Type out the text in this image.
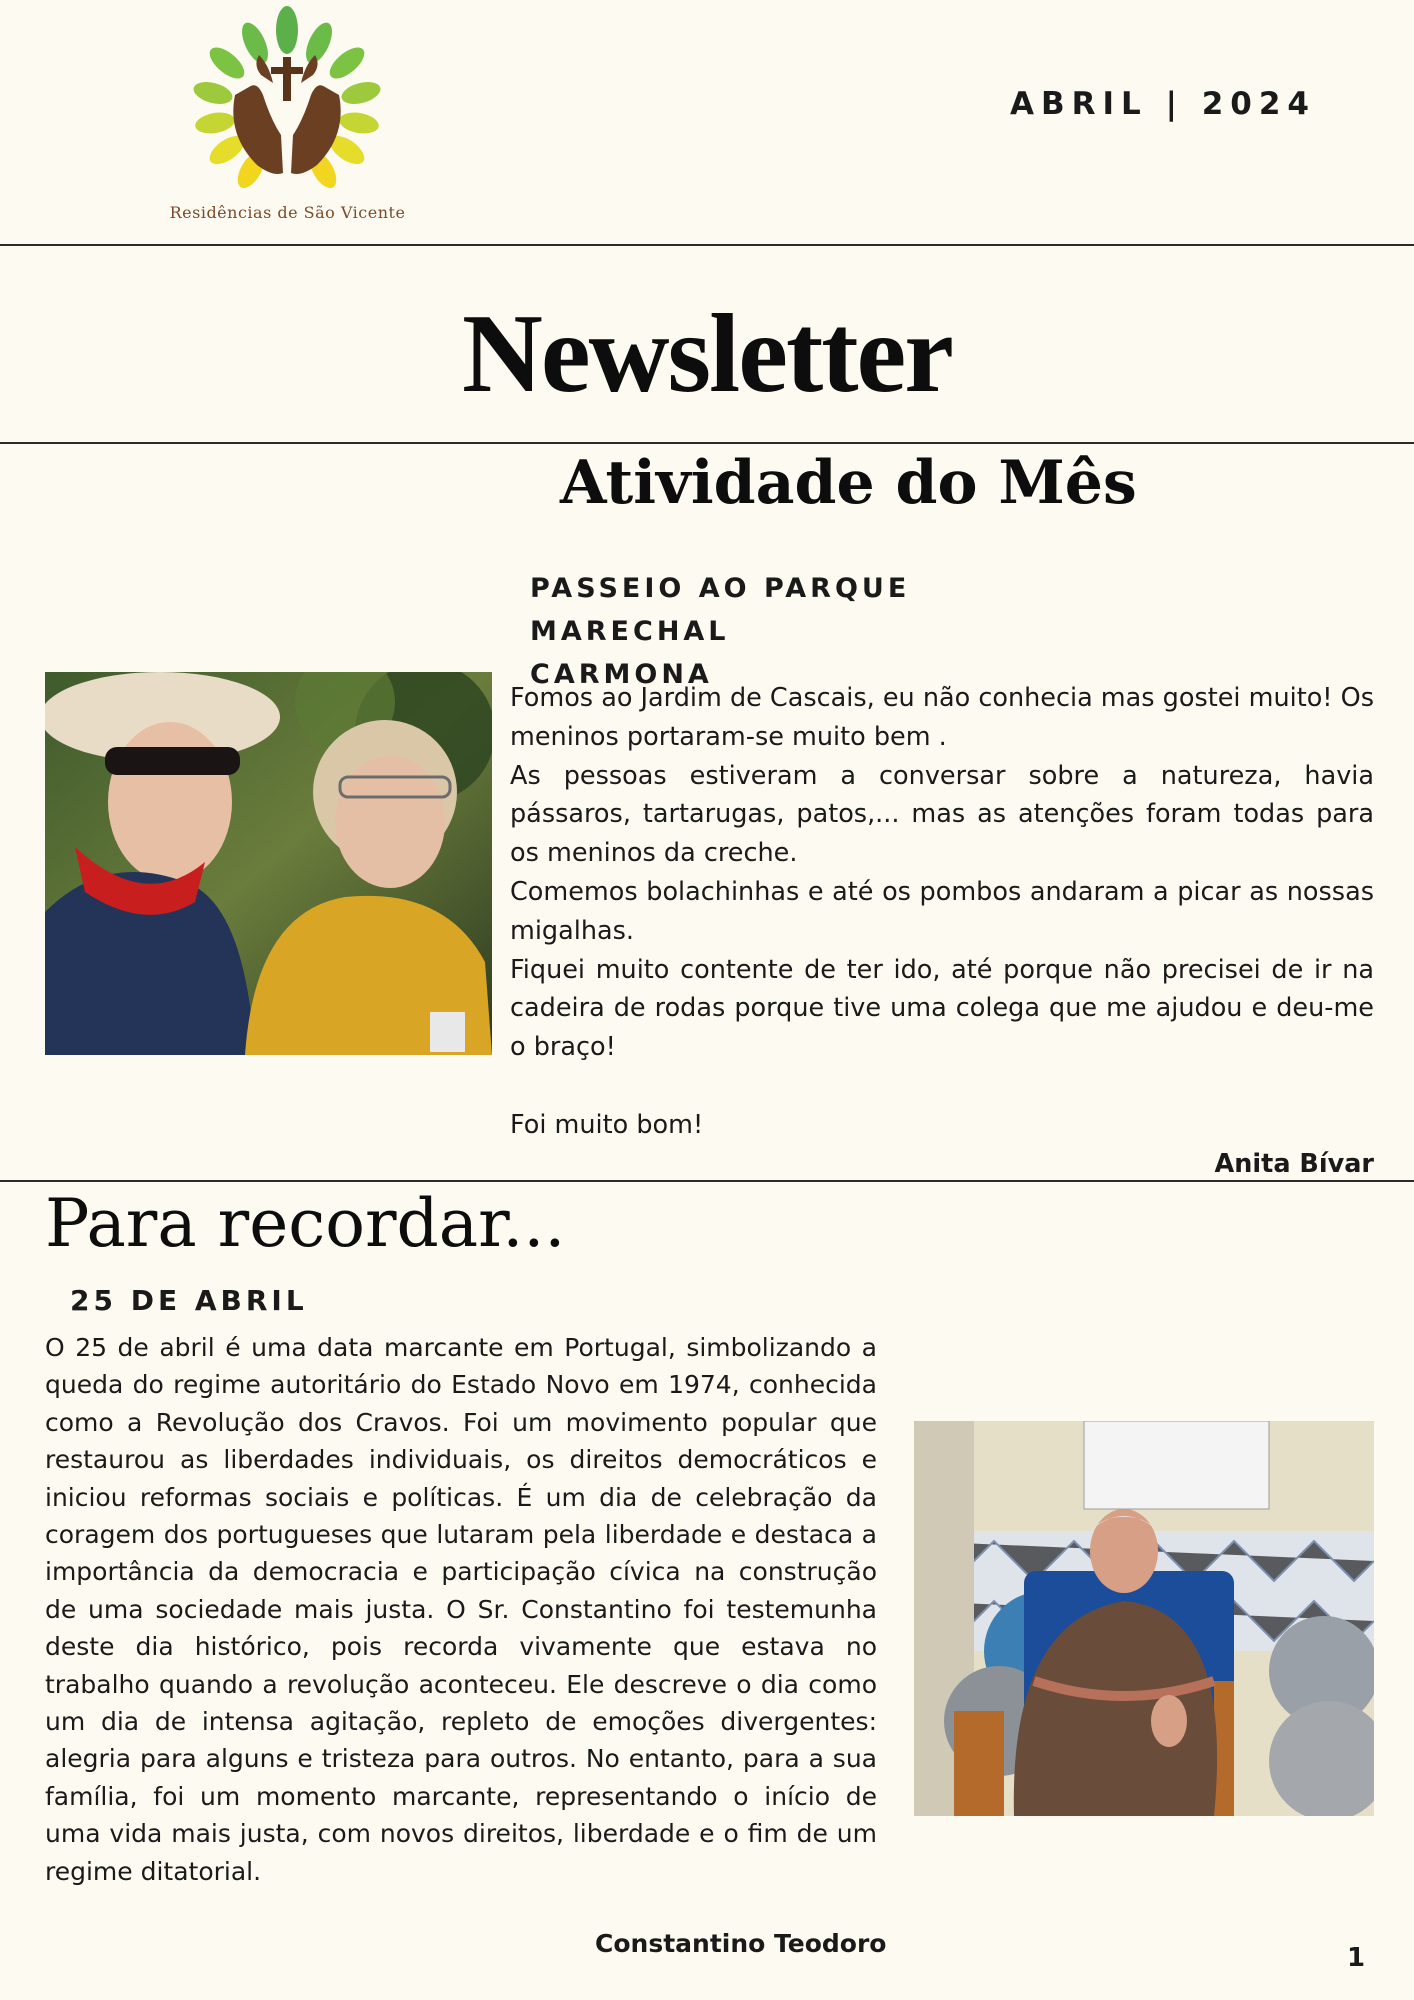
Residências de São Vicente
ABRIL | 2024
Newsletter
Atividade do Mês
PASSEIO AO PARQUE MARECHAL
CARMONA

Fomos ao Jardim de Cascais, eu não conhecia mas gostei muito! Os meninos portaram-se muito bem .

As pessoas estiveram a conversar sobre a natureza, havia pássaros, tartarugas, patos,... mas as atenções foram todas para os meninos da creche.

Comemos bolachinhas e até os pombos andaram a picar as nossas migalhas.

Fiquei muito contente de ter ido, até porque não precisei de ir na cadeira de rodas porque tive uma colega que me ajudou e deu-me o braço!

Foi muito bom!

Anita Bívar
Para recordar...
25 DE ABRIL
O 25 de abril é uma data marcante em Portugal, simbolizando a queda do regime autoritário do Estado Novo em 1974, conhecida como a Revolução dos Cravos. Foi um movimento popular que restaurou as liberdades individuais, os direitos democráticos e iniciou reformas sociais e políticas. É um dia de celebração da coragem dos portugueses que lutaram pela liberdade e destaca a importância da democracia e participação cívica na construção de uma sociedade mais justa. O Sr. Constantino foi testemunha deste dia histórico, pois recorda vivamente que estava no trabalho quando a revolução aconteceu. Ele descreve o dia como um dia de intensa agitação, repleto de emoções divergentes: alegria para alguns e tristeza para outros. No entanto, para a sua família, foi um momento marcante, representando o início de uma vida mais justa, com novos direitos, liberdade e o fim de um regime ditatorial.
Constantino Teodoro	1
